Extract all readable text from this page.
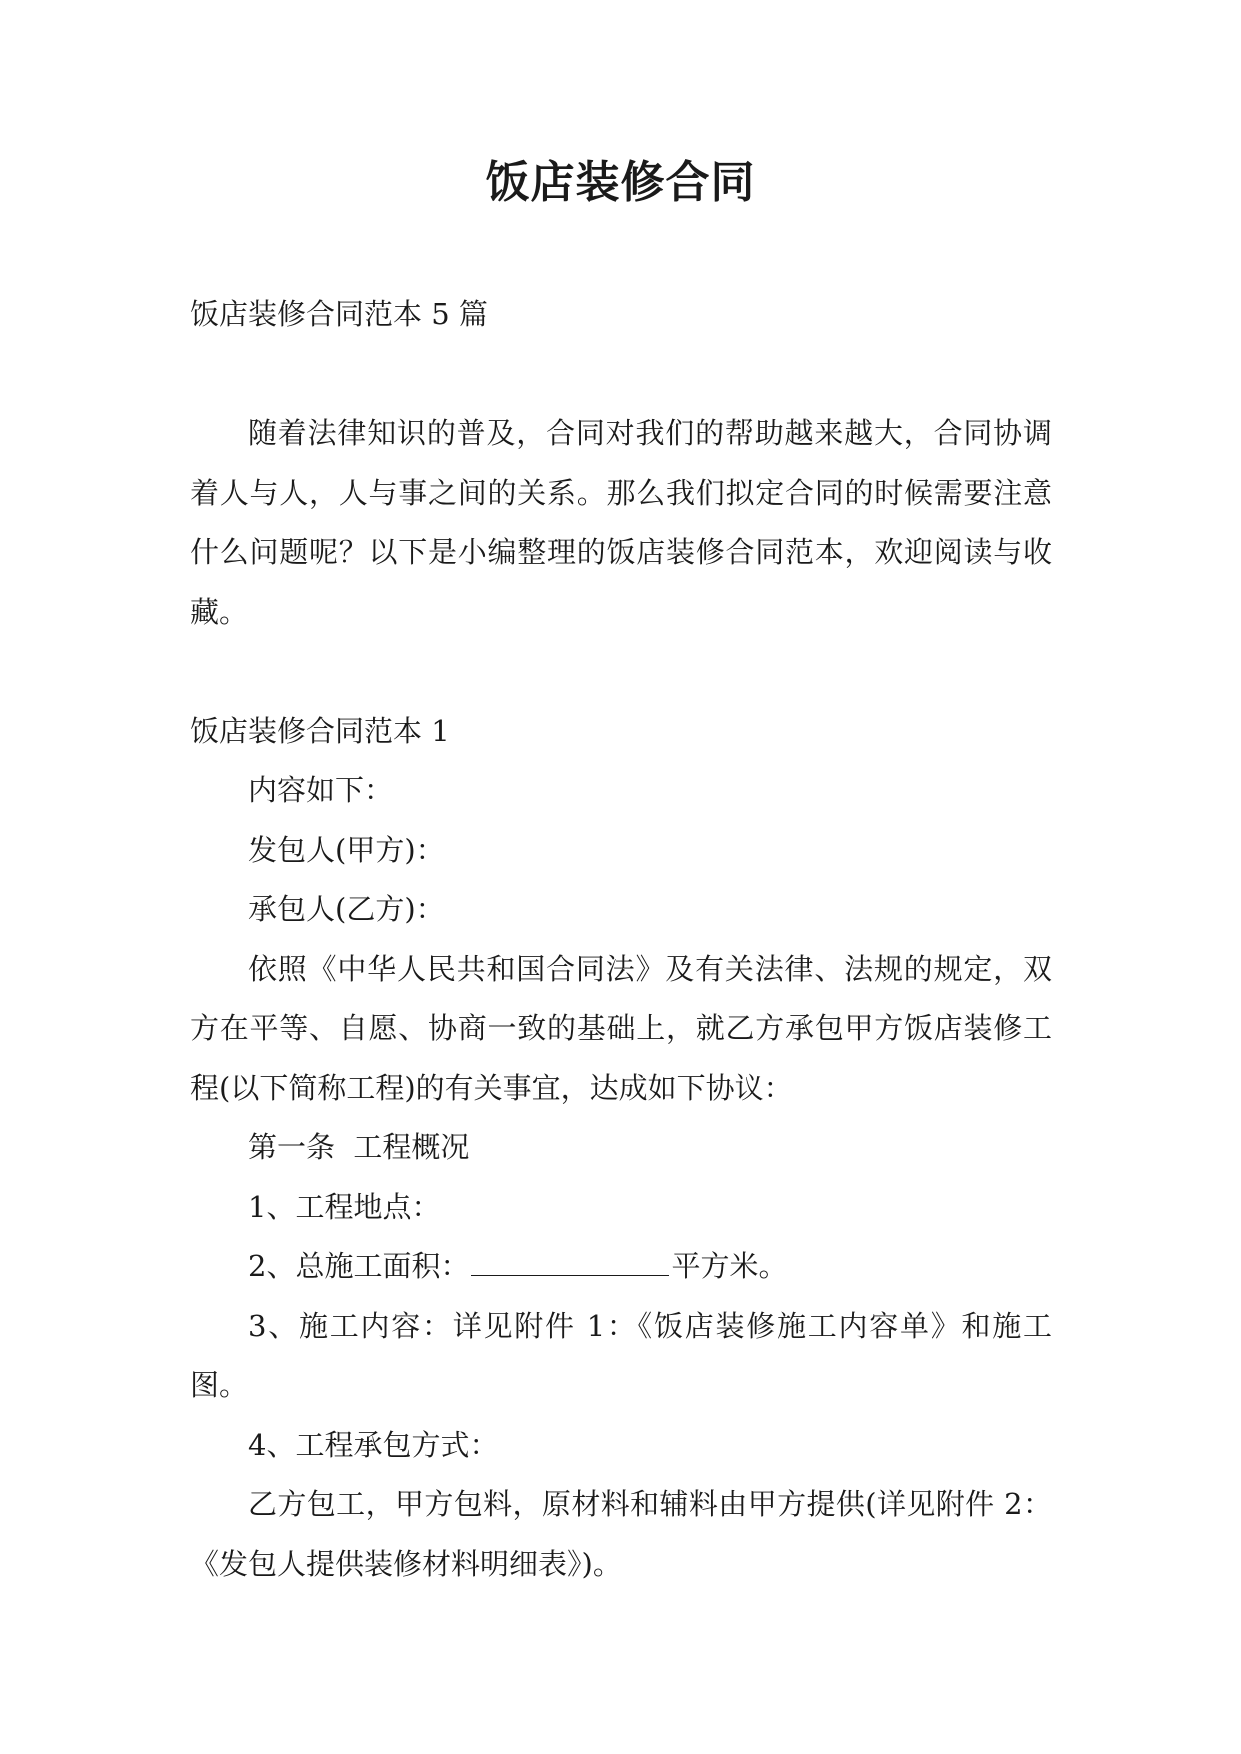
饭店装修合同

饭店装修合同范本 5 篇

随着法律知识的普及，合同对我们的帮助越来越大，合同协调着人与人，人与事之间的关系。那么我们拟定合同的时候需要注意什么问题呢？以下是小编整理的饭店装修合同范本，欢迎阅读与收藏。

饭店装修合同范本 1

内容如下：

发包人(甲方)：

承包人(乙方)：

依照《中华人民共和国合同法》及有关法律、法规的规定，双方在平等、自愿、协商一致的基础上，就乙方承包甲方饭店装修工程(以下简称工程)的有关事宜，达成如下协议：

第一条  工程概况

1、工程地点：

2、总施工面积：	平方米。

3、施工内容：详见附件 1：《饭店装修施工内容单》和施工图。

4、工程承包方式：

乙方包工，甲方包料，原材料和辅料由甲方提供(详见附件 2：《发包人提供装修材料明细表》)。
